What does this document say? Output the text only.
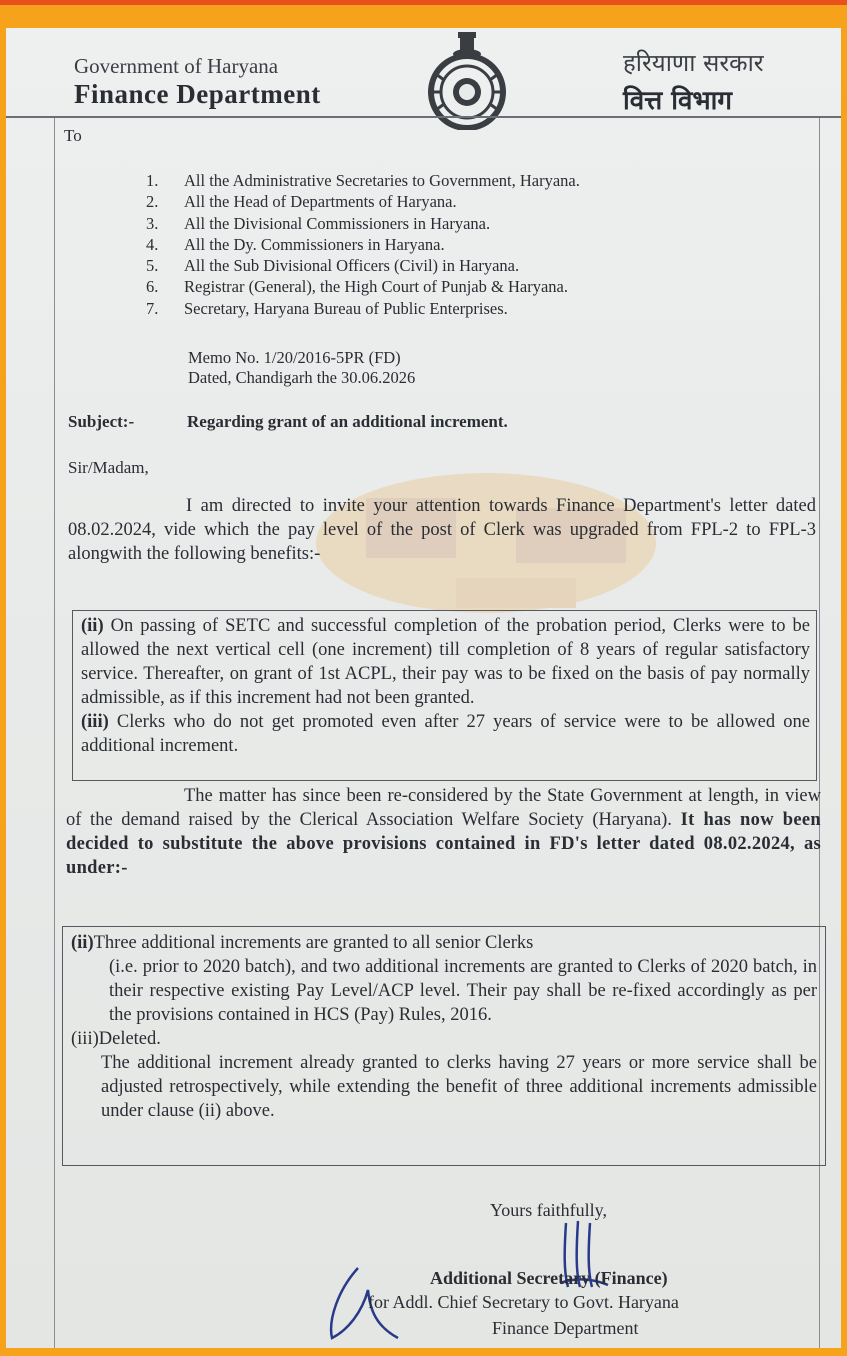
Government of Haryana
Finance Department
हरियाणा सरकार
वित्त विभाग
To
1.	All the Administrative Secretaries to Government, Haryana.
2.	All the Head of Departments of Haryana.
3.	All the Divisional Commissioners in Haryana.
4.	All the Dy. Commissioners in Haryana.
5.	All the Sub Divisional Officers (Civil) in Haryana.
6.	Registrar (General), the High Court of Punjab & Haryana.
7.	Secretary, Haryana Bureau of Public Enterprises.
Memo No. 1/20/2016-5PR (FD)
Dated, Chandigarh the 30.06.2026
Subject:-	Regarding grant of an additional increment.
Sir/Madam,
I am directed to invite your attention towards Finance Department's letter dated 08.02.2024, vide which the pay level of the post of Clerk was upgraded from FPL-2 to FPL-3 alongwith the following benefits:-

(ii) On passing of SETC and successful completion of the probation period, Clerks were to be allowed the next vertical cell (one increment) till completion of 8 years of regular satisfactory service. Thereafter, on grant of 1st ACPL, their pay was to be fixed on the basis of pay normally admissible, as if this increment had not been granted.

(iii) Clerks who do not get promoted even after 27 years of service were to be allowed one additional increment.

The matter has since been re-considered by the State Government at length, in view of the demand raised by the Clerical Association Welfare Society (Haryana). It has now been decided to substitute the above provisions contained in FD's letter dated 08.02.2024, as under:-

(ii)Three additional increments are granted to all senior Clerks

(i.e. prior to 2020 batch), and two additional increments are granted to Clerks of 2020 batch, in their respective existing Pay Level/ACP level. Their pay shall be re-fixed accordingly as per the provisions contained in HCS (Pay) Rules, 2016.

(iii)Deleted.

The additional increment already granted to clerks having 27 years or more service shall be adjusted retrospectively, while extending the benefit of three additional increments admissible under clause (ii) above.

Yours faithfully,
Additional Secretary (Finance)
for Addl. Chief Secretary to Govt. Haryana
Finance Department
